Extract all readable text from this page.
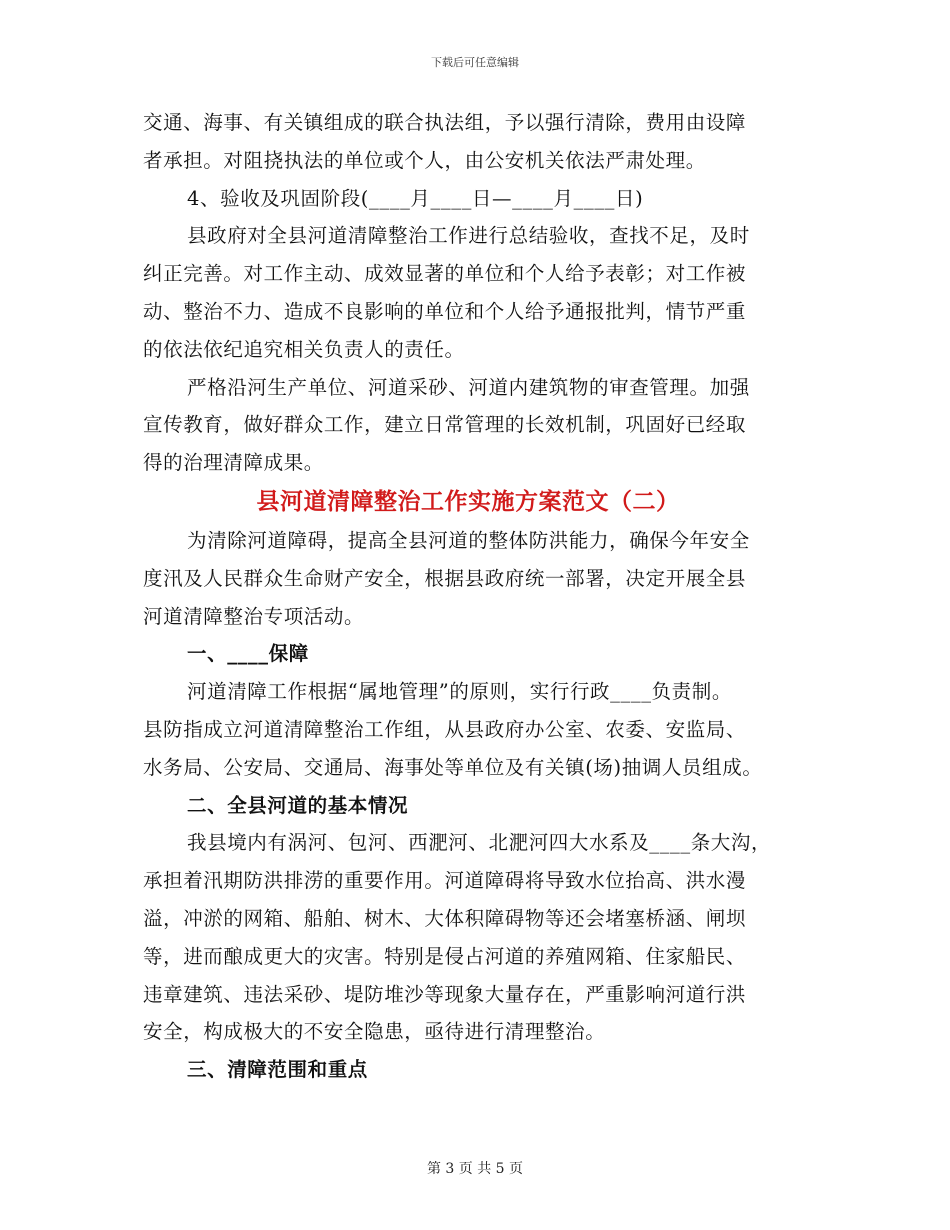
下载后可任意编辑
交通、海事、有关镇组成的联合执法组，予以强行清除，费用由设障
者承担。对阻挠执法的单位或个人，由公安机关依法严肃处理。
4、验收及巩固阶段(____月____日—____月____日)
县政府对全县河道清障整治工作进行总结验收，查找不足，及时
纠正完善。对工作主动、成效显著的单位和个人给予表彰；对工作被
动、整治不力、造成不良影响的单位和个人给予通报批判，情节严重
的依法依纪追究相关负责人的责任。
严格沿河生产单位、河道采砂、河道内建筑物的审查管理。加强
宣传教育，做好群众工作，建立日常管理的长效机制，巩固好已经取
得的治理清障成果。
县河道清障整治工作实施方案范文（二）
为清除河道障碍，提高全县河道的整体防洪能力，确保今年安全
度汛及人民群众生命财产安全，根据县政府统一部署，决定开展全县
河道清障整治专项活动。
一、____保障
河道清障工作根据“属地管理”的原则，实行行政____负责制。
县防指成立河道清障整治工作组，从县政府办公室、农委、安监局、
水务局、公安局、交通局、海事处等单位及有关镇(场)抽调人员组成。
二、全县河道的基本情况
我县境内有涡河、包河、西淝河、北淝河四大水系及____条大沟，
承担着汛期防洪排涝的重要作用。河道障碍将导致水位抬高、洪水漫
溢，冲淤的网箱、船舶、树木、大体积障碍物等还会堵塞桥涵、闸坝
等，进而酿成更大的灾害。特别是侵占河道的养殖网箱、住家船民、
违章建筑、违法采砂、堤防堆沙等现象大量存在，严重影响河道行洪
安全，构成极大的不安全隐患，亟待进行清理整治。
三、清障范围和重点
第 3 页 共 5 页
